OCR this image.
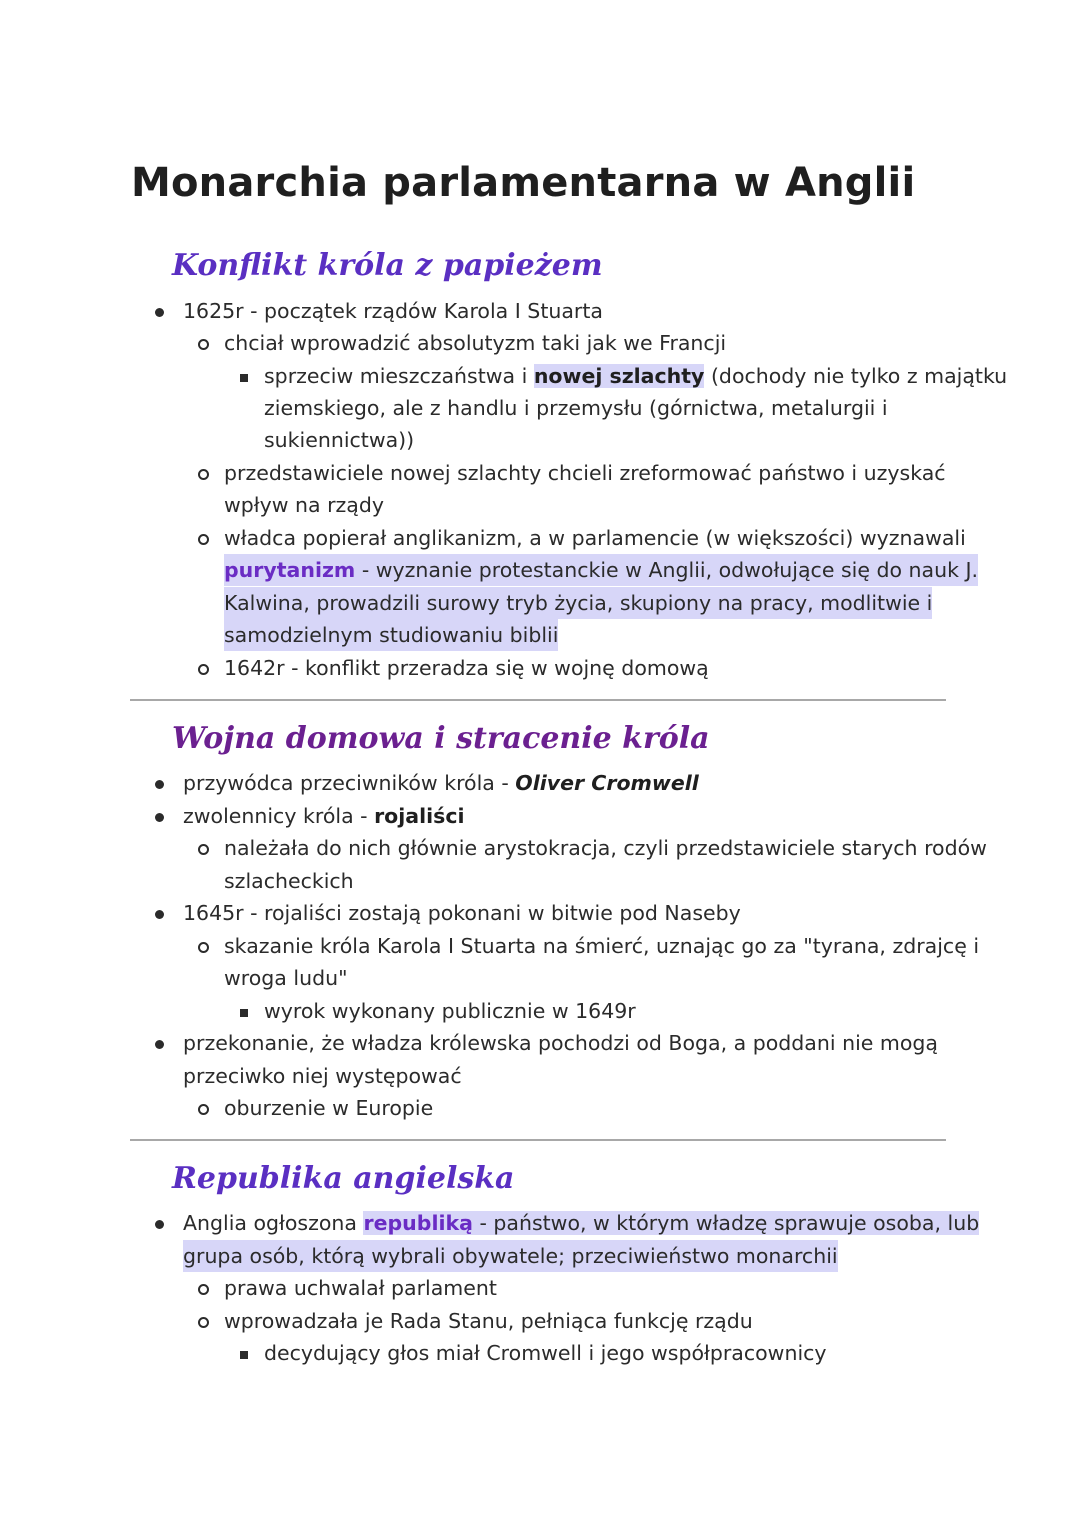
Monarchia parlamentarna w Anglii
Konflikt króla z papieżem
1625r - początek rządów Karola I Stuarta
chciał wprowadzić absolutyzm taki jak we Francji
sprzeciw mieszczaństwa i nowej szlachty (dochody nie tylko z majątku
ziemskiego, ale z handlu i przemysłu (górnictwa, metalurgii i
sukiennictwa))
przedstawiciele nowej szlachty chcieli zreformować państwo i uzyskać
wpływ na rządy
władca popierał anglikanizm, a w parlamencie (w większości) wyznawali
purytanizm - wyznanie protestanckie w Anglii, odwołujące się do nauk J.
Kalwina, prowadzili surowy tryb życia, skupiony na pracy, modlitwie i
samodzielnym studiowaniu biblii
1642r - konflikt przeradza się w wojnę domową
Wojna domowa i stracenie króla
przywódca przeciwników króla - Oliver Cromwell
zwolennicy króla - rojaliści
należała do nich głównie arystokracja, czyli przedstawiciele starych rodów
szlacheckich
1645r - rojaliści zostają pokonani w bitwie pod Naseby
skazanie króla Karola I Stuarta na śmierć, uznając go za "tyrana, zdrajcę i
wroga ludu"
wyrok wykonany publicznie w 1649r
przekonanie, że władza królewska pochodzi od Boga, a poddani nie mogą
przeciwko niej występować
oburzenie w Europie
Republika angielska
Anglia ogłoszona republiką - państwo, w którym władzę sprawuje osoba, lub
grupa osób, którą wybrali obywatele; przeciwieństwo monarchii
prawa uchwalał parlament
wprowadzała je Rada Stanu, pełniąca funkcję rządu
decydujący głos miał Cromwell i jego współpracownicy
